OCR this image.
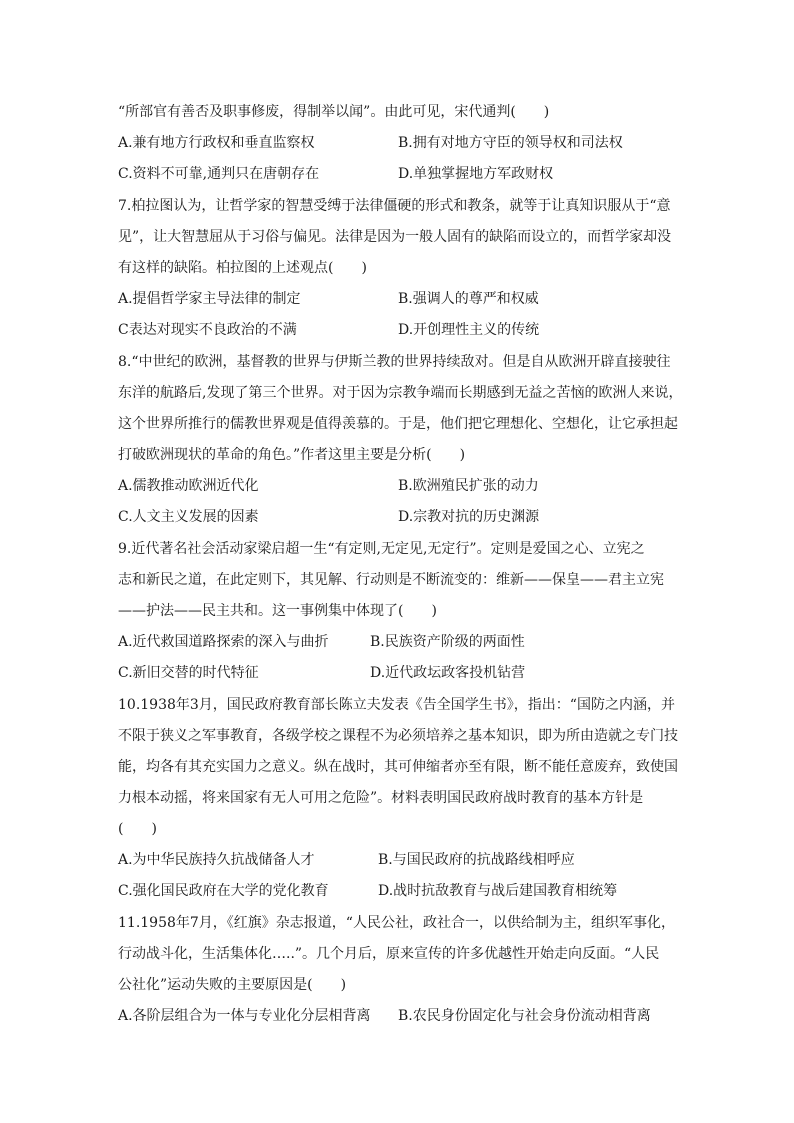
“所部官有善否及职事修废，得制举以闻”。由此可见，宋代通判(　　)
A.兼有地方行政权和垂直监察权	B.拥有对地方守臣的领导权和司法权
C.资料不可靠,通判只在唐朝存在	D.单独掌握地方军政财权
7.柏拉图认为，让哲学家的智慧受缚于法律僵硬的形式和教条，就等于让真知识服从于“意
见”，让大智慧屈从于习俗与偏见。法律是因为一般人固有的缺陷而设立的，而哲学家却没
有这样的缺陷。柏拉图的上述观点(　　)
A.提倡哲学家主导法律的制定	B.强调人的尊严和权威
C表达对现实不良政治的不满	D.开创理性主义的传统
8.“中世纪的欧洲，基督教的世界与伊斯兰教的世界持续敌对。但是自从欧洲开辟直接驶往
东洋的航路后,发现了第三个世界。对于因为宗教争端而长期感到无益之苦恼的欧洲人来说，
这个世界所推行的儒教世界观是值得羡慕的。于是，他们把它理想化、空想化，让它承担起
打破欧洲现状的革命的角色。”作者这里主要是分析(　　)
A.儒教推动欧洲近代化	B.欧洲殖民扩张的动力
C.人文主义发展的因素	D.宗教对抗的历史渊源
9.近代著名社会活动家梁启超一生“有定则,无定见,无定行”。定则是爱国之心、立宪之
志和新民之道，在此定则下，其见解、行动则是不断流变的：维新——保皇——君主立宪
——护法——民主共和。这一事例集中体现了(　　)
A.近代救国道路探索的深入与曲折	B.民族资产阶级的两面性
C.新旧交替的时代特征	D.近代政坛政客投机钻营
10.1938年3月，国民政府教育部长陈立夫发表《告全国学生书》，指出：“国防之内涵，并
不限于狭义之军事教育，各级学校之课程不为必须培养之基本知识，即为所由造就之专门技
能，均各有其充实国力之意义。纵在战时，其可伸缩者亦至有限，断不能任意废弃，致使国
力根本动摇，将来国家有无人可用之危险”。材料表明国民政府战时教育的基本方针是
(　　)
A.为中华民族持久抗战储备人才	B.与国民政府的抗战路线相呼应
C.强化国民政府在大学的党化教育	D.战时抗敌教育与战后建国教育相统筹
11.1958年7月，《红旗》杂志报道，“人民公社，政社合一，以供给制为主，组织军事化，
行动战斗化，生活集体化…..”。几个月后，原来宣传的许多优越性开始走向反面。“人民
公社化”运动失败的主要原因是(　　)
A.各阶层组合为一体与专业化分层相背离 B.农民身份固定化与社会身份流动相背离
